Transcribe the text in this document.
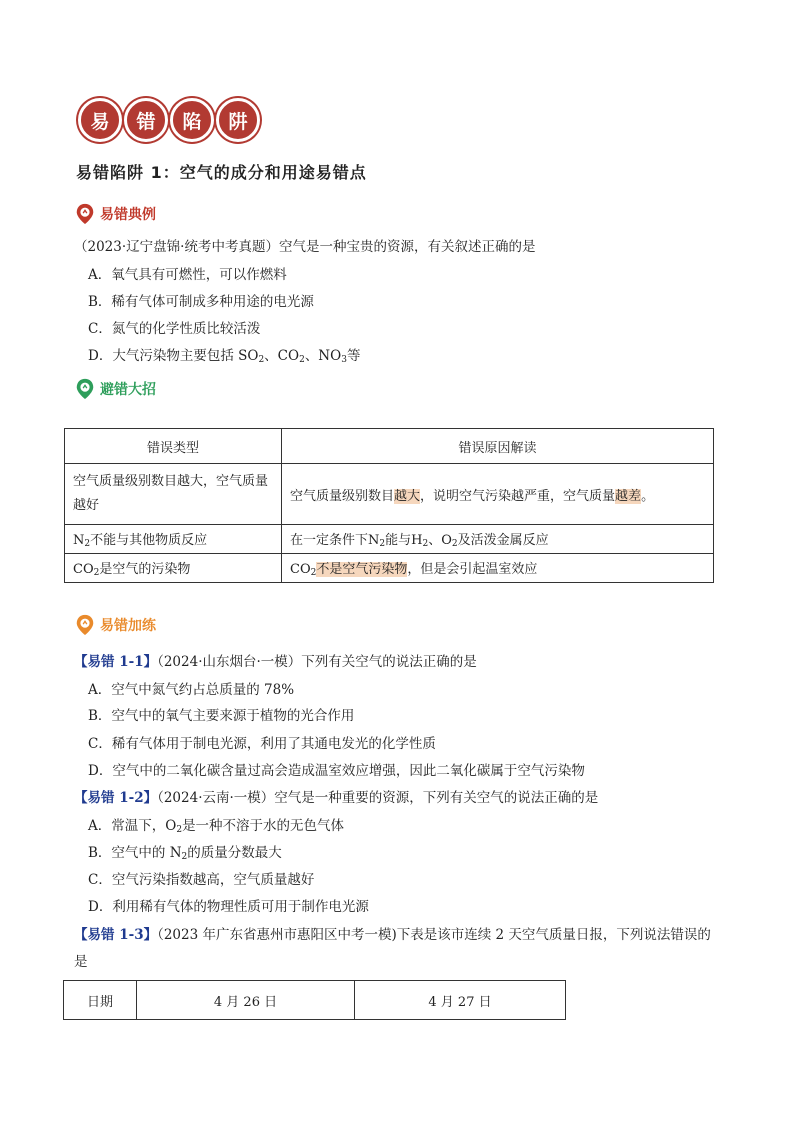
易	错	陷	阱
易错陷阱 1：空气的成分和用途易错点
易错典例
（2023·辽宁盘锦·统考中考真题）空气是一种宝贵的资源，有关叙述正确的是
A．氧气具有可燃性，可以作燃料
B．稀有气体可制成多种用途的电光源
C．氮气的化学性质比较活泼
D．大气污染物主要包括 $SO_2$、$CO_2$、$NO_3$等
避错大招
错误类型	错误原因解读
空气质量级别数目越大，空气质量越好	空气质量级别数目越大，说明空气污染越严重，空气质量越差。
$N_2$不能与其他物质反应	在一定条件下$N_2$能与$H_2$、$O_2$及活泼金属反应
$CO_2$是空气的污染物	$CO_2$不是空气污染物，但是会引起温室效应
易错加练
【易错 1-1】（2024·山东烟台·一模）下列有关空气的说法正确的是
A．空气中氮气约占总质量的 78%
B．空气中的氧气主要来源于植物的光合作用
C．稀有气体用于制电光源，利用了其通电发光的化学性质
D．空气中的二氧化碳含量过高会造成温室效应增强，因此二氧化碳属于空气污染物
【易错 1-2】（2024·云南·一模）空气是一种重要的资源，下列有关空气的说法正确的是
A．常温下，$O_2$是一种不溶于水的无色气体
B．空气中的 $N_2$的质量分数最大
C．空气污染指数越高，空气质量越好
D．利用稀有气体的物理性质可用于制作电光源
【易错 1-3】（2023 年广东省惠州市惠阳区中考一模)下表是该市连续 2 天空气质量日报，下列说法错误的
是
日期	4 月 26 日	4 月 27 日
